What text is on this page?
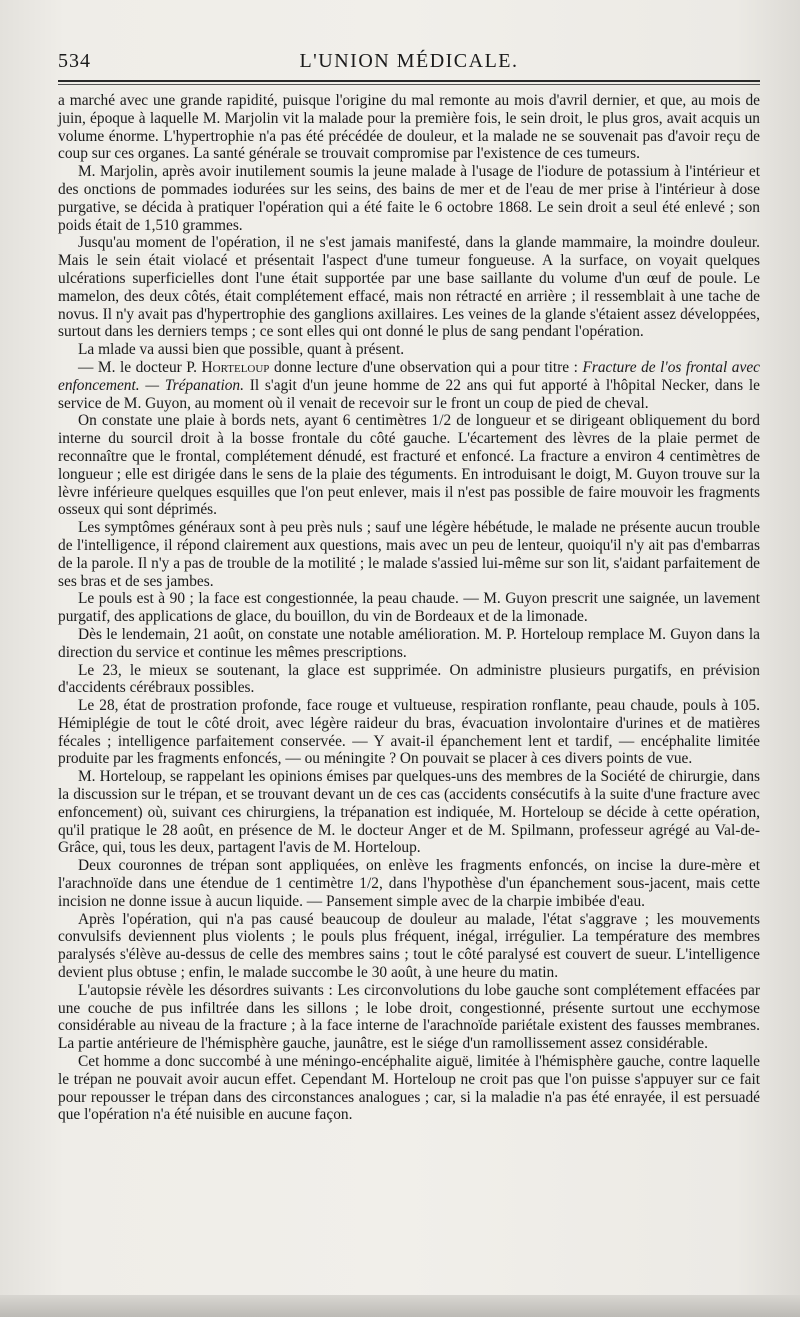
534	L'UNION MÉDICALE.

a marché avec une grande rapidité, puisque l'origine du mal remonte au mois d'avril dernier, et que, au mois de juin, époque à laquelle M. Marjolin vit la malade pour la première fois, le sein droit, le plus gros, avait acquis un volume énorme. L'hypertrophie n'a pas été précédée de douleur, et la malade ne se souvenait pas d'avoir reçu de coup sur ces organes. La santé générale se trouvait compromise par l'existence de ces tumeurs.

M. Marjolin, après avoir inutilement soumis la jeune malade à l'usage de l'iodure de potassium à l'intérieur et des onctions de pommades iodurées sur les seins, des bains de mer et de l'eau de mer prise à l'intérieur à dose purgative, se décida à pratiquer l'opération qui a été faite le 6 octobre 1868. Le sein droit a seul été enlevé ; son poids était de 1,510 grammes.

Jusqu'au moment de l'opération, il ne s'est jamais manifesté, dans la glande mammaire, la moindre douleur. Mais le sein était violacé et présentait l'aspect d'une tumeur fongueuse. A la surface, on voyait quelques ulcérations superficielles dont l'une était supportée par une base saillante du volume d'un œuf de poule. Le mamelon, des deux côtés, était complétement effacé, mais non rétracté en arrière ; il ressemblait à une tache de novus. Il n'y avait pas d'hypertrophie des ganglions axillaires. Les veines de la glande s'étaient assez développées, surtout dans les derniers temps ; ce sont elles qui ont donné le plus de sang pendant l'opération.

La mlade va aussi bien que possible, quant à présent.

— M. le docteur P. Horteloup donne lecture d'une observation qui a pour titre : Fracture de l'os frontal avec enfoncement. — Trépanation. Il s'agit d'un jeune homme de 22 ans qui fut apporté à l'hôpital Necker, dans le service de M. Guyon, au moment où il venait de recevoir sur le front un coup de pied de cheval.

On constate une plaie à bords nets, ayant 6 centimètres 1/2 de longueur et se dirigeant obliquement du bord interne du sourcil droit à la bosse frontale du côté gauche. L'écartement des lèvres de la plaie permet de reconnaître que le frontal, complétement dénudé, est fracturé et enfoncé. La fracture a environ 4 centimètres de longueur ; elle est dirigée dans le sens de la plaie des téguments. En introduisant le doigt, M. Guyon trouve sur la lèvre inférieure quelques esquilles que l'on peut enlever, mais il n'est pas possible de faire mouvoir les fragments osseux qui sont déprimés.

Les symptômes généraux sont à peu près nuls ; sauf une légère hébétude, le malade ne présente aucun trouble de l'intelligence, il répond clairement aux questions, mais avec un peu de lenteur, quoiqu'il n'y ait pas d'embarras de la parole. Il n'y a pas de trouble de la motilité ; le malade s'assied lui-même sur son lit, s'aidant parfaitement de ses bras et de ses jambes.

Le pouls est à 90 ; la face est congestionnée, la peau chaude. — M. Guyon prescrit une saignée, un lavement purgatif, des applications de glace, du bouillon, du vin de Bordeaux et de la limonade.

Dès le lendemain, 21 août, on constate une notable amélioration. M. P. Horteloup remplace M. Guyon dans la direction du service et continue les mêmes prescriptions.

Le 23, le mieux se soutenant, la glace est supprimée. On administre plusieurs purgatifs, en prévision d'accidents cérébraux possibles.

Le 28, état de prostration profonde, face rouge et vultueuse, respiration ronflante, peau chaude, pouls à 105. Hémiplégie de tout le côté droit, avec légère raideur du bras, évacuation involontaire d'urines et de matières fécales ; intelligence parfaitement conservée. — Y avait-il épanchement lent et tardif, — encéphalite limitée produite par les fragments enfoncés, — ou méningite ? On pouvait se placer à ces divers points de vue.

M. Horteloup, se rappelant les opinions émises par quelques-uns des membres de la Société de chirurgie, dans la discussion sur le trépan, et se trouvant devant un de ces cas (accidents consécutifs à la suite d'une fracture avec enfoncement) où, suivant ces chirurgiens, la trépanation est indiquée, M. Horteloup se décide à cette opération, qu'il pratique le 28 août, en présence de M. le docteur Anger et de M. Spilmann, professeur agrégé au Val-de-Grâce, qui, tous les deux, partagent l'avis de M. Horteloup.

Deux couronnes de trépan sont appliquées, on enlève les fragments enfoncés, on incise la dure-mère et l'arachnoïde dans une étendue de 1 centimètre 1/2, dans l'hypothèse d'un épanchement sous-jacent, mais cette incision ne donne issue à aucun liquide. — Pansement simple avec de la charpie imbibée d'eau.

Après l'opération, qui n'a pas causé beaucoup de douleur au malade, l'état s'aggrave ; les mouvements convulsifs deviennent plus violents ; le pouls plus fréquent, inégal, irrégulier. La température des membres paralysés s'élève au-dessus de celle des membres sains ; tout le côté paralysé est couvert de sueur. L'intelligence devient plus obtuse ; enfin, le malade succombe le 30 août, à une heure du matin.

L'autopsie révèle les désordres suivants : Les circonvolutions du lobe gauche sont complétement effacées par une couche de pus infiltrée dans les sillons ; le lobe droit, congestionné, présente surtout une ecchymose considérable au niveau de la fracture ; à la face interne de l'arachnoïde pariétale existent des fausses membranes. La partie antérieure de l'hémisphère gauche, jaunâtre, est le siége d'un ramollissement assez considérable.

Cet homme a donc succombé à une méningo-encéphalite aiguë, limitée à l'hémisphère gauche, contre laquelle le trépan ne pouvait avoir aucun effet. Cependant M. Horteloup ne croit pas que l'on puisse s'appuyer sur ce fait pour repousser le trépan dans des circonstances analogues ; car, si la maladie n'a pas été enrayée, il est persuadé que l'opération n'a été nuisible en aucune façon.
